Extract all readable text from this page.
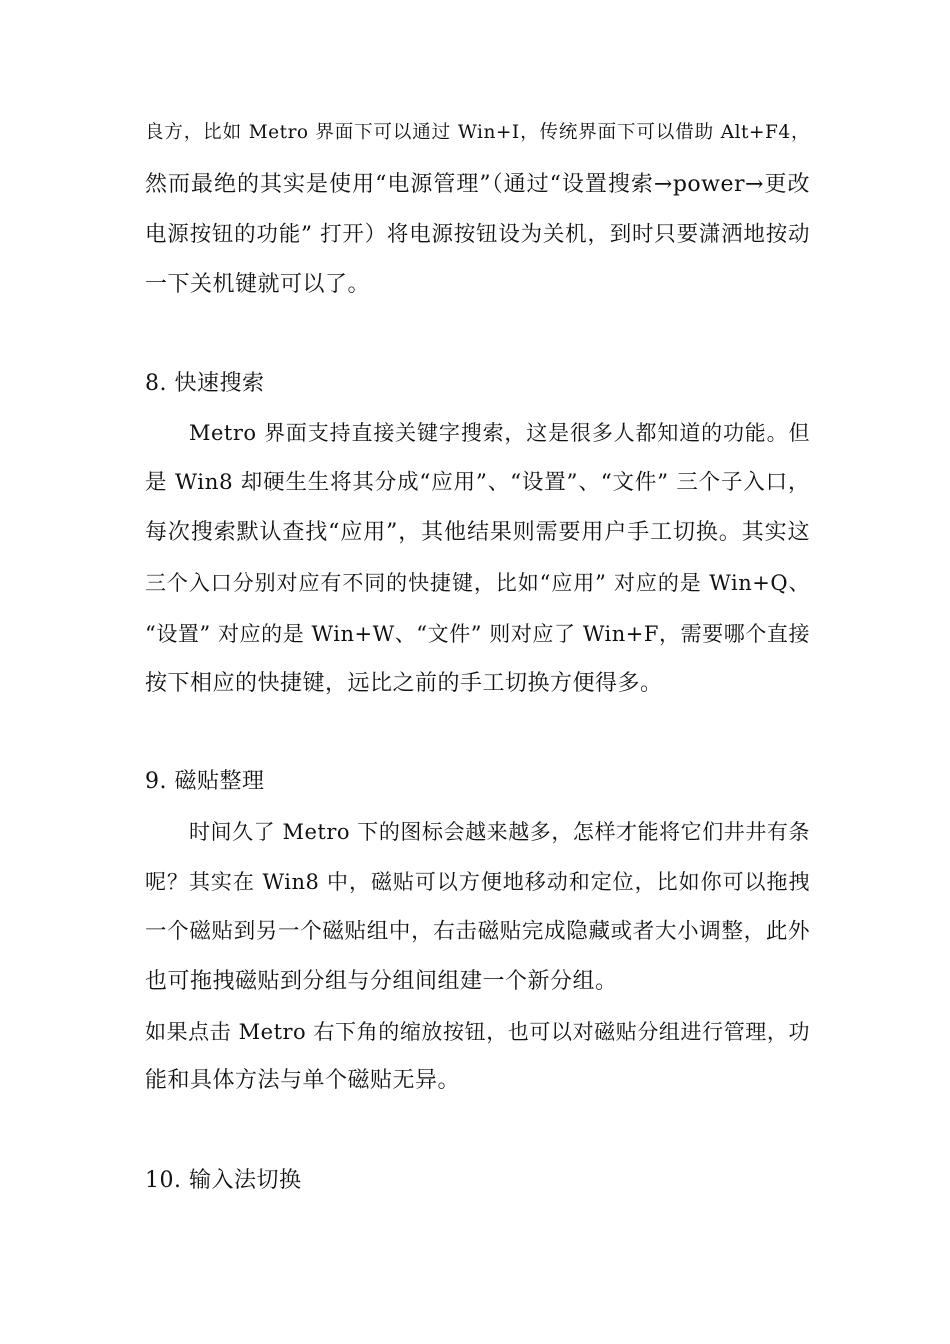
良方，比如 Metro 界面下可以通过 Win+I，传统界面下可以借助 Alt+F4，
然而最绝的其实是使用“电源管理”（通过“设置搜索→power→更改
电源按钮的功能” 打开）将电源按钮设为关机，到时只要潇洒地按动
一下关机键就可以了。
8. 快速搜索
Metro 界面支持直接关键字搜索，这是很多人都知道的功能。但
是 Win8 却硬生生将其分成“应用”、“设置”、“文件” 三个子入口，
每次搜索默认查找“应用”，其他结果则需要用户手工切换。其实这
三个入口分别对应有不同的快捷键，比如“应用” 对应的是 Win+Q、
“设置” 对应的是 Win+W、“文件” 则对应了 Win+F，需要哪个直接
按下相应的快捷键，远比之前的手工切换方便得多。
9. 磁贴整理
时间久了 Metro 下的图标会越来越多，怎样才能将它们井井有条
呢？其实在 Win8 中，磁贴可以方便地移动和定位，比如你可以拖拽
一个磁贴到另一个磁贴组中，右击磁贴完成隐藏或者大小调整，此外
也可拖拽磁贴到分组与分组间组建一个新分组。
如果点击 Metro 右下角的缩放按钮，也可以对磁贴分组进行管理，功
能和具体方法与单个磁贴无异。
10. 输入法切换
